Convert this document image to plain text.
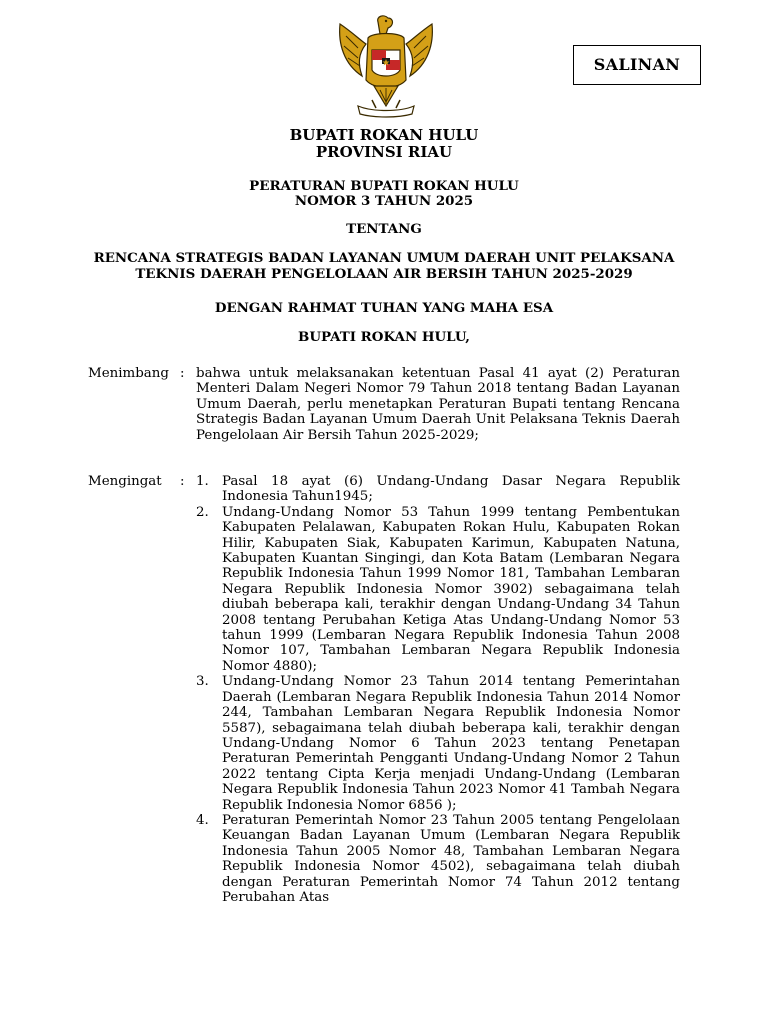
SALINAN
BUPATI ROKAN HULU
PROVINSI RIAU
PERATURAN BUPATI ROKAN HULU
NOMOR 3 TAHUN 2025
TENTANG
RENCANA STRATEGIS BADAN LAYANAN UMUM DAERAH UNIT PELAKSANA
TEKNIS DAERAH PENGELOLAAN AIR BERSIH TAHUN 2025-2029
DENGAN RAHMAT TUHAN YANG MAHA ESA
BUPATI ROKAN HULU,
Menimbang : bahwa untuk melaksanakan ketentuan Pasal 41 ayat (2) Peraturan Menteri Dalam Negeri Nomor 79 Tahun 2018 tentang Badan Layanan Umum Daerah, perlu menetapkan Peraturan Bupati tentang Rencana Strategis Badan Layanan Umum Daerah Unit Pelaksana Teknis Daerah Pengelolaan Air Bersih Tahun 2025-2029;
Mengingat	: 1. Pasal 18 ayat (6) Undang-Undang Dasar Negara Republik Indonesia Tahun1945;
2. Undang-Undang Nomor 53 Tahun 1999 tentang Pembentukan Kabupaten Pelalawan, Kabupaten Rokan Hulu, Kabupaten Rokan Hilir, Kabupaten Siak, Kabupaten Karimun, Kabupaten Natuna, Kabupaten Kuantan Singingi, dan Kota Batam (Lembaran Negara Republik Indonesia Tahun 1999 Nomor 181, Tambahan Lembaran Negara Republik Indonesia Nomor 3902) sebagaimana telah diubah beberapa kali, terakhir dengan Undang-Undang 34 Tahun 2008 tentang Perubahan Ketiga Atas Undang-Undang Nomor 53 tahun 1999 (Lembaran Negara Republik Indonesia Tahun 2008 Nomor 107, Tambahan Lembaran Negara Republik Indonesia Nomor 4880);
3. Undang-Undang Nomor 23 Tahun 2014 tentang Pemerintahan Daerah (Lembaran Negara Republik Indonesia Tahun 2014 Nomor 244, Tambahan Lembaran Negara Republik Indonesia Nomor 5587), sebagaimana telah diubah beberapa kali, terakhir dengan Undang-Undang Nomor 6 Tahun 2023 tentang Penetapan Peraturan Pemerintah Pengganti Undang-Undang Nomor 2 Tahun 2022 tentang Cipta Kerja menjadi Undang-Undang (Lembaran Negara Republik Indonesia Tahun 2023 Nomor 41 Tambah Negara Republik Indonesia Nomor 6856 );
4. Peraturan Pemerintah Nomor 23 Tahun 2005 tentang Pengelolaan Keuangan Badan Layanan Umum (Lembaran Negara Republik Indonesia Tahun 2005 Nomor 48, Tambahan Lembaran Negara Republik Indonesia Nomor 4502), sebagaimana telah diubah dengan Peraturan Pemerintah Nomor 74 Tahun 2012 tentang Perubahan Atas
